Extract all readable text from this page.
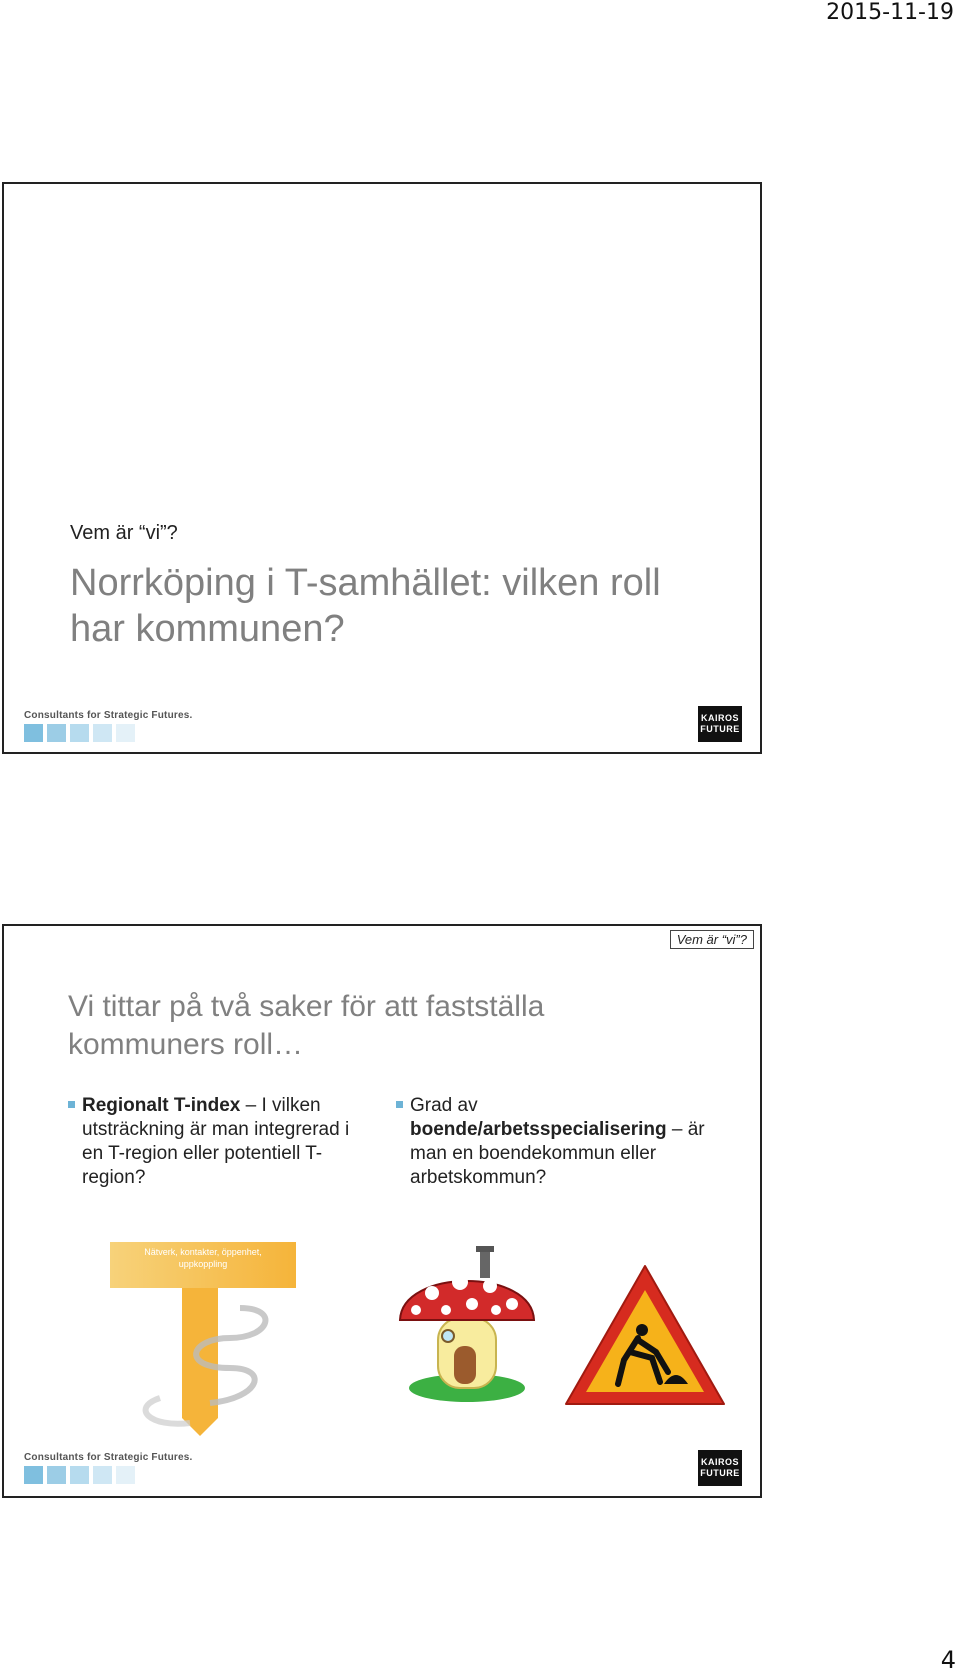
2015-11-19
Vem är “vi”?
Norrköping i T-samhället: vilken roll har kommunen?
Consultants for Strategic Futures.	KAIROS
FUTURE
Vem är “vi”?
Vi tittar på två saker för att fastställa kommuners roll…
Regionalt T-index – I vilken utsträckning är man integrerad i en T-region eller potentiell T-region?
Grad av boende/arbetsspecialisering – är man en boendekommun eller arbetskommun?
Nätverk, kontakter, öppenhet, uppkoppling
Kunskap, förståelse, skicklighet, varumärke, synlighet
Consultants for Strategic Futures.	KAIROS
FUTURE
4
